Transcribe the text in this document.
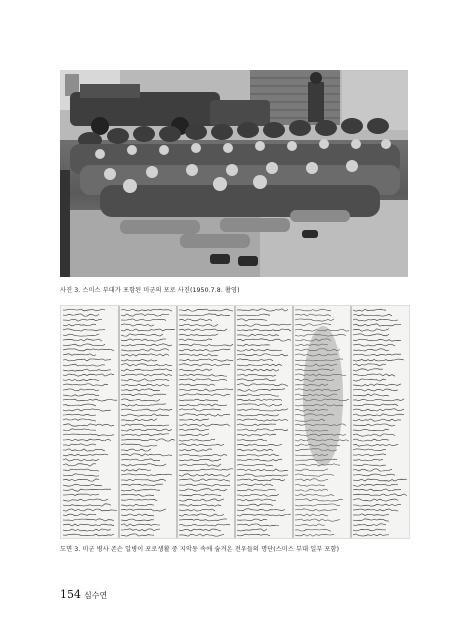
사진 3. 스미스 부대가 포함된 미군의 포로 사진(1950.7.8. 촬영)
도면 3. 미군 병사 존슨 일병이 포로생활 중 지악동 속에 숨겨온 전우들의 명단(스미스 부대 일부 포함)
154 심수연
